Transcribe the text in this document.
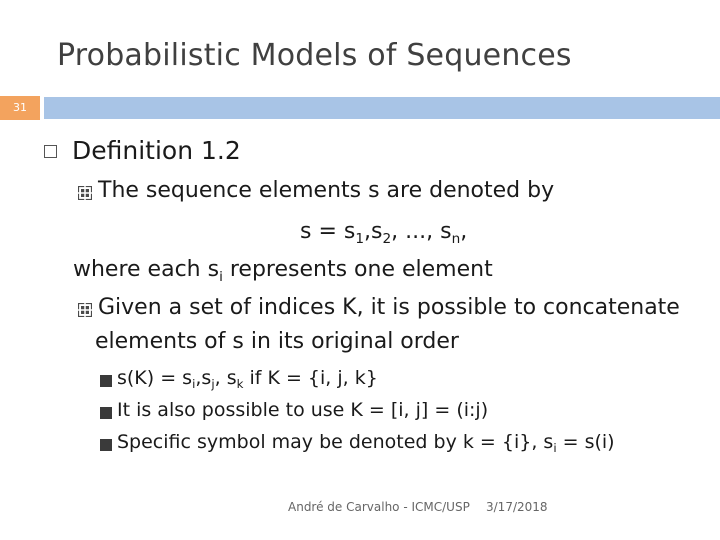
Probabilistic Models of Sequences
31
Definition 1.2
The sequence elements s are denoted by
$s = s_1,s_2$, ..., $s_n$,
where each $s_i$ represents one element
Given a set of indices K, it is possible to concatenate
elements of s in its original order
$s(K) = s_i,s_j$, $s_k$ if K = {i, j, k}
It is also possible to use K = [i, j] = (i:j)
Specific symbol may be denoted by k = {i}, $s_i = s(i)$
André de Carvalho - ICMC/USP 3/17/2018
